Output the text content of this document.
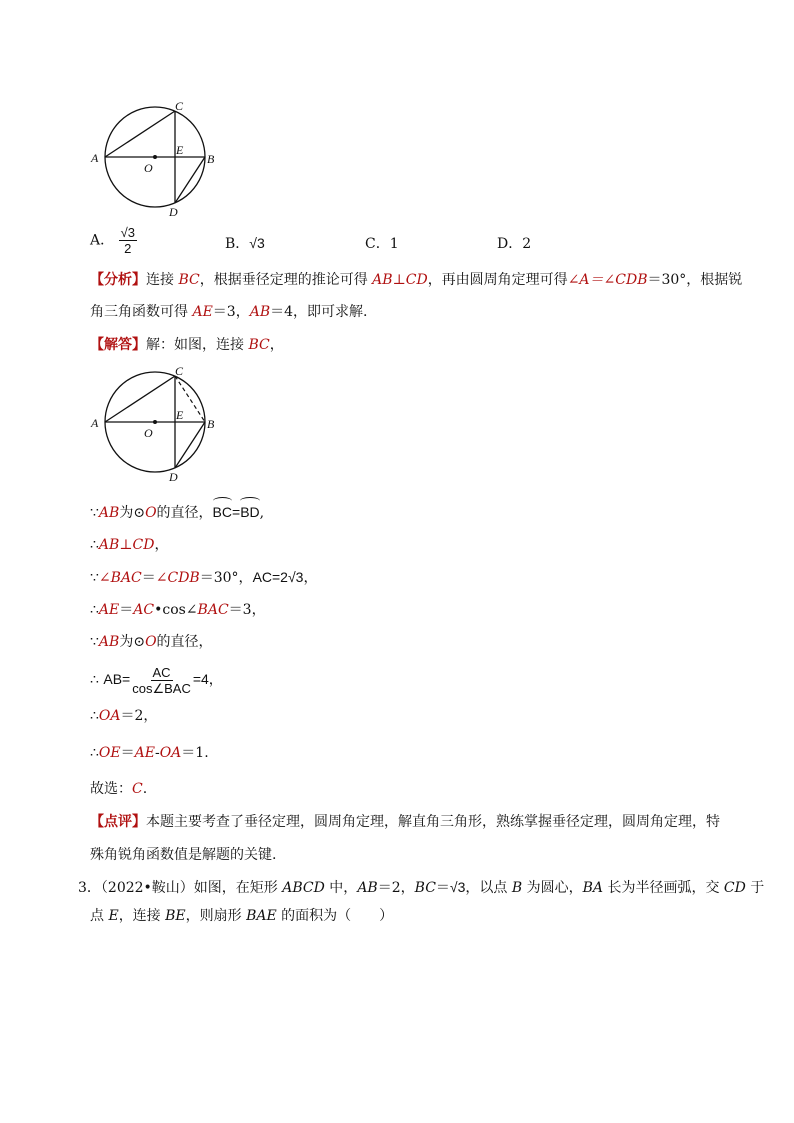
A	B
C
D
E
O
A． $\frac{√3}{2}$	B．√3	C．1	D．2
【分析】连接 BC，根据垂径定理的推论可得 AB⊥CD，再由圆周角定理可得∠A＝∠CDB＝30°，根据锐
角三角函数可得 AE＝3，AB＝4，即可求解.
【解答】解：如图，连接 BC，
A	B
C
D
E
O
∵AB为⊙O的直径，BC=BD,
∴AB⊥CD，
∵∠BAC＝∠CDB＝30°，AC=2√3，
∴AE＝AC•cos∠BAC＝3，
∵AB为⊙O的直径，
∴ $AB= \frac{AC}{\text{cos∠BAC}} =4$，
∴OA＝2，
∴OE＝AE-OA＝1.
故选：C.
【点评】本题主要考查了垂径定理，圆周角定理，解直角三角形，熟练掌握垂径定理，圆周角定理，特
殊角锐角函数值是解题的关键.
3．（2022•鞍山）如图，在矩形 ABCD 中，AB＝2，BC＝√3，以点 B 为圆心，BA 长为半径画弧，交 CD 于
点 E，连接 BE，则扇形 BAE 的面积为（　　）
